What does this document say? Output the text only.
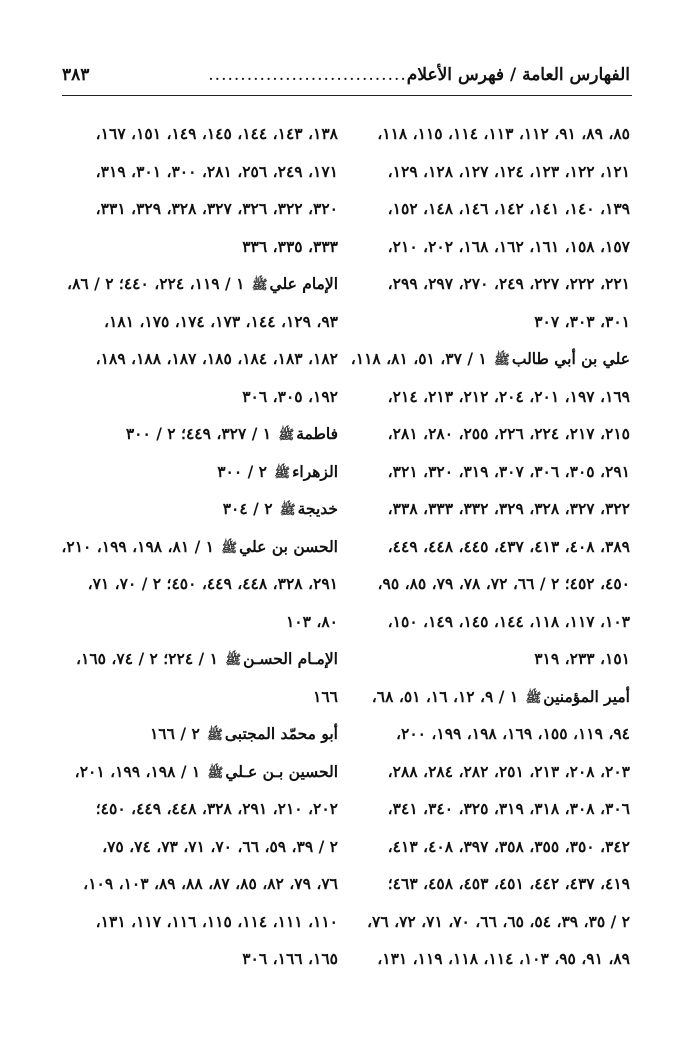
الفهارس العامة / فهرس الأعلام
...............................
٣٨٣
٨٥، ٨٩، ٩١، ١١٢، ١١٣، ١١٤، ١١٥، ١١٨،
١٢١، ١٢٢، ١٢٣، ١٢٤، ١٢٧، ١٢٨، ١٢٩،
١٣٩، ١٤٠، ١٤١، ١٤٢، ١٤٦، ١٤٨، ١٥٢،
١٥٧، ١٥٨، ١٦١، ١٦٢، ١٦٨، ٢٠٢، ٢١٠،
٢٢١، ٢٢٢، ٢٢٧، ٢٤٩، ٢٧٠، ٢٩٧، ٢٩٩،
٣٠١، ٣٠٣، ٣٠٧
علي بن أبي طالبﷺ ١ / ٣٧، ٥١، ٨١، ١١٨،
١٦٩، ١٩٧، ٢٠١، ٢٠٤، ٢١٢، ٢١٣، ٢١٤،
٢١٥، ٢١٧، ٢٢٤، ٢٢٦، ٢٥٥، ٢٨٠، ٢٨١،
٢٩١، ٣٠٥، ٣٠٦، ٣٠٧، ٣١٩، ٣٢٠، ٣٢١،
٣٢٢، ٣٢٧، ٣٢٨، ٣٢٩، ٣٣٢، ٣٣٣، ٣٣٨،
٣٨٩، ٤٠٨، ٤١٣، ٤٣٧، ٤٤٥، ٤٤٨، ٤٤٩،
٤٥٠، ٤٥٢؛ ٢ / ٦٦، ٧٢، ٧٨، ٧٩، ٨٥، ٩٥،
١٠٣، ١١٧، ١١٨، ١٤٤، ١٤٥، ١٤٩، ١٥٠،
١٥١، ٢٣٣، ٣١٩
أمير المؤمنينﷺ ١ / ٩، ١٢، ١٦، ٥١، ٦٨،
٩٤، ١١٩، ١٥٥، ١٦٩، ١٩٨، ١٩٩، ٢٠٠،
٢٠٣، ٢٠٨، ٢١٣، ٢٥١، ٢٨٢، ٢٨٤، ٢٨٨،
٣٠٦، ٣٠٨، ٣١٨، ٣١٩، ٣٢٥، ٣٤٠، ٣٤١،
٣٤٢، ٣٥٠، ٣٥٥، ٣٥٨، ٣٩٧، ٤٠٨، ٤١٣،
٤١٩، ٤٣٧، ٤٤٢، ٤٥١، ٤٥٣، ٤٥٨، ٤٦٣؛
٢ / ٣٥، ٣٩، ٥٤، ٦٥، ٦٦، ٧٠، ٧١، ٧٢، ٧٦،
٨٩، ٩١، ٩٥، ١٠٣، ١١٤، ١١٨، ١١٩، ١٣١،
١٣٨، ١٤٣، ١٤٤، ١٤٥، ١٤٩، ١٥١، ١٦٧،
١٧١، ٢٤٩، ٢٥٦، ٢٨١، ٣٠٠، ٣٠١، ٣١٩،
٣٢٠، ٣٢٢، ٣٢٦، ٣٢٧، ٣٢٨، ٣٢٩، ٣٣١،
٣٣٣، ٣٣٥، ٣٣٦
الإمام عليﷺ ١ / ١١٩، ٢٢٤، ٤٤٠؛ ٢ / ٨٦،
٩٣، ١٢٩، ١٤٤، ١٧٣، ١٧٤، ١٧٥، ١٨١،
١٨٢، ١٨٣، ١٨٤، ١٨٥، ١٨٧، ١٨٨، ١٨٩،
١٩٢، ٣٠٥، ٣٠٦
فاطمةﷺ ١ / ٣٢٧، ٤٤٩؛ ٢ / ٣٠٠
الزهراءﷺ ٢ / ٣٠٠
خديجةﷺ ٢ / ٣٠٤
الحسن بن عليﷺ ١ / ٨١، ١٩٨، ١٩٩، ٢١٠،
٢٩١، ٣٢٨، ٤٤٨، ٤٤٩، ٤٥٠؛ ٢ / ٧٠، ٧١،
٨٠، ١٠٣
الإمـام الحسـنﷺ ١ / ٢٢٤؛ ٢ / ٧٤، ١٦٥،
١٦٦
أبو محمّد المجتبىﷺ ٢ / ١٦٦
الحسين بـن عـليﷺ ١ / ١٩٨، ١٩٩، ٢٠١،
٢٠٢، ٢١٠، ٢٩١، ٣٢٨، ٤٤٨، ٤٤٩، ٤٥٠؛
٢ / ٣٩، ٥٩، ٦٦، ٧٠، ٧١، ٧٣، ٧٤، ٧٥،
٧٦، ٧٩، ٨٢، ٨٥، ٨٧، ٨٨، ٨٩، ١٠٣، ١٠٩،
١١٠، ١١١، ١١٤، ١١٥، ١١٦، ١١٧، ١٣١،
١٦٥، ١٦٦، ٣٠٦
